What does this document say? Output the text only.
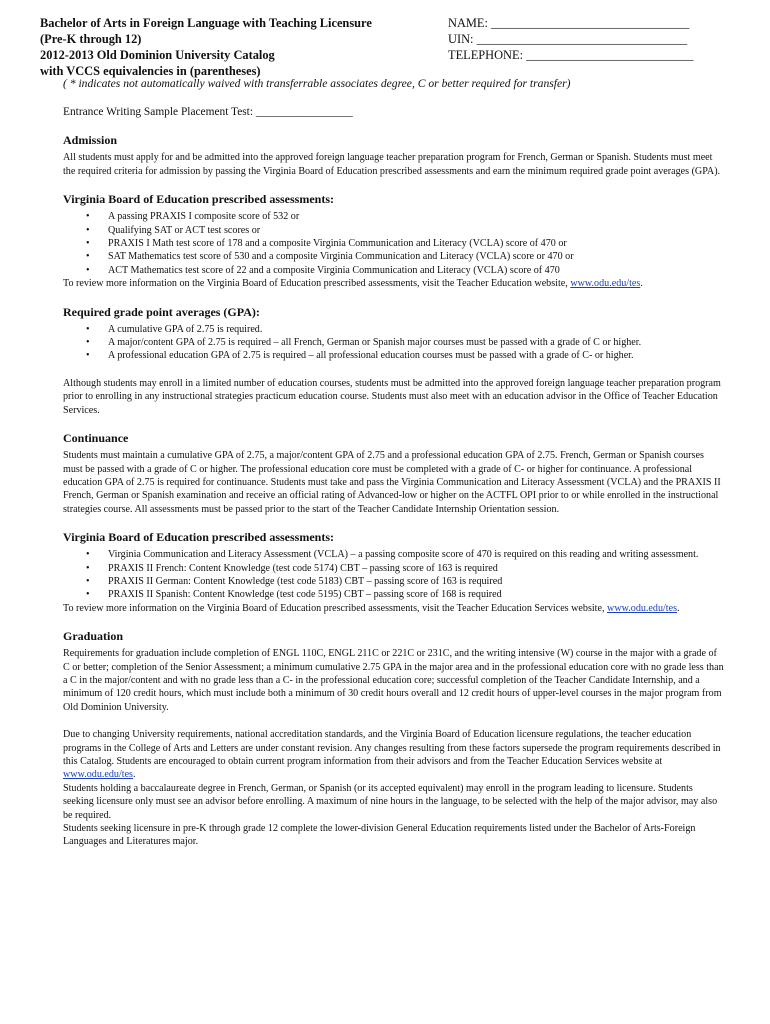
Bachelor of Arts in Foreign Language with Teaching Licensure
(Pre-K through 12)
2012-2013 Old Dominion University Catalog
with VCCS equivalencies in (parentheses)
NAME: ________________________________
UIN: __________________________________
TELEPHONE: ___________________________
( * indicates not automatically waived with transferrable associates degree, C or better required for transfer)
Entrance Writing Sample Placement Test: _________________
Admission

All students must apply for and be admitted into the approved foreign language teacher preparation program for French, German or Spanish. Students must meet the required criteria for admission by passing the Virginia Board of Education prescribed assessments and earn the minimum required grade point averages (GPA).

Virginia Board of Education prescribed assessments:
• A passing PRAXIS I composite score of 532 or
• Qualifying SAT or ACT test scores or
• PRAXIS I Math test score of 178 and a composite Virginia Communication and Literacy (VCLA) score of 470 or
• SAT Mathematics test score of 530 and a composite Virginia Communication and Literacy (VCLA) score or 470 or
• ACT Mathematics test score of 22 and a composite Virginia Communication and Literacy (VCLA) score of 470

To review more information on the Virginia Board of Education prescribed assessments, visit the Teacher Education website, www.odu.edu/tes.

Required grade point averages (GPA):
• A cumulative GPA of 2.75 is required.
• A major/content GPA of 2.75 is required – all French, German or Spanish major courses must be passed with a grade of C or higher.
• A professional education GPA of 2.75 is required – all professional education courses must be passed with a grade of C- or higher.

Although students may enroll in a limited number of education courses, students must be admitted into the approved foreign language teacher preparation program prior to enrolling in any instructional strategies practicum education course. Students must also meet with an education advisor in the Office of Teacher Education Services.

Continuance

Students must maintain a cumulative GPA of 2.75, a major/content GPA of 2.75 and a professional education GPA of 2.75. French, German or Spanish courses must be passed with a grade of C or higher. The professional education core must be completed with a grade of C- or higher for continuance. A professional education GPA of 2.75 is required for continuance. Students must take and pass the Virginia Communication and Literacy Assessment (VCLA) and the PRAXIS II French, German or Spanish examination and receive an official rating of Advanced-low or higher on the ACTFL OPI prior to or while enrolled in the instructional strategies course. All assessments must be passed prior to the start of the Teacher Candidate Internship Orientation session.

Virginia Board of Education prescribed assessments:
• Virginia Communication and Literacy Assessment (VCLA) – a passing composite score of 470 is required on this reading and writing assessment.
• PRAXIS II French: Content Knowledge (test code 5174) CBT – passing score of 163 is required
• PRAXIS II German: Content Knowledge (test code 5183) CBT – passing score of 163 is required
• PRAXIS II Spanish: Content Knowledge (test code 5195) CBT – passing score of 168 is required

To review more information on the Virginia Board of Education prescribed assessments, visit the Teacher Education Services website, www.odu.edu/tes.

Graduation

Requirements for graduation include completion of ENGL 110C, ENGL 211C or 221C or 231C, and the writing intensive (W) course in the major with a grade of C or better; completion of the Senior Assessment; a minimum cumulative 2.75 GPA in the major area and in the professional education core with no grade less than a C in the major/content and with no grade less than a C- in the professional education core; successful completion of the Teacher Candidate Internship, and a minimum of 120 credit hours, which must include both a minimum of 30 credit hours overall and 12 credit hours of upper-level courses in the major program from Old Dominion University.

Due to changing University requirements, national accreditation standards, and the Virginia Board of Education licensure regulations, the teacher education programs in the College of Arts and Letters are under constant revision. Any changes resulting from these factors supersede the program requirements described in this Catalog. Students are encouraged to obtain current program information from their advisors and from the Teacher Education Services website at www.odu.edu/tes.

Students holding a baccalaureate degree in French, German, or Spanish (or its accepted equivalent) may enroll in the program leading to licensure. Students seeking licensure only must see an advisor before enrolling. A maximum of nine hours in the language, to be selected with the help of the major advisor, may also be required.

Students seeking licensure in pre-K through grade 12 complete the lower-division General Education requirements listed under the Bachelor of Arts-Foreign Languages and Literatures major.
